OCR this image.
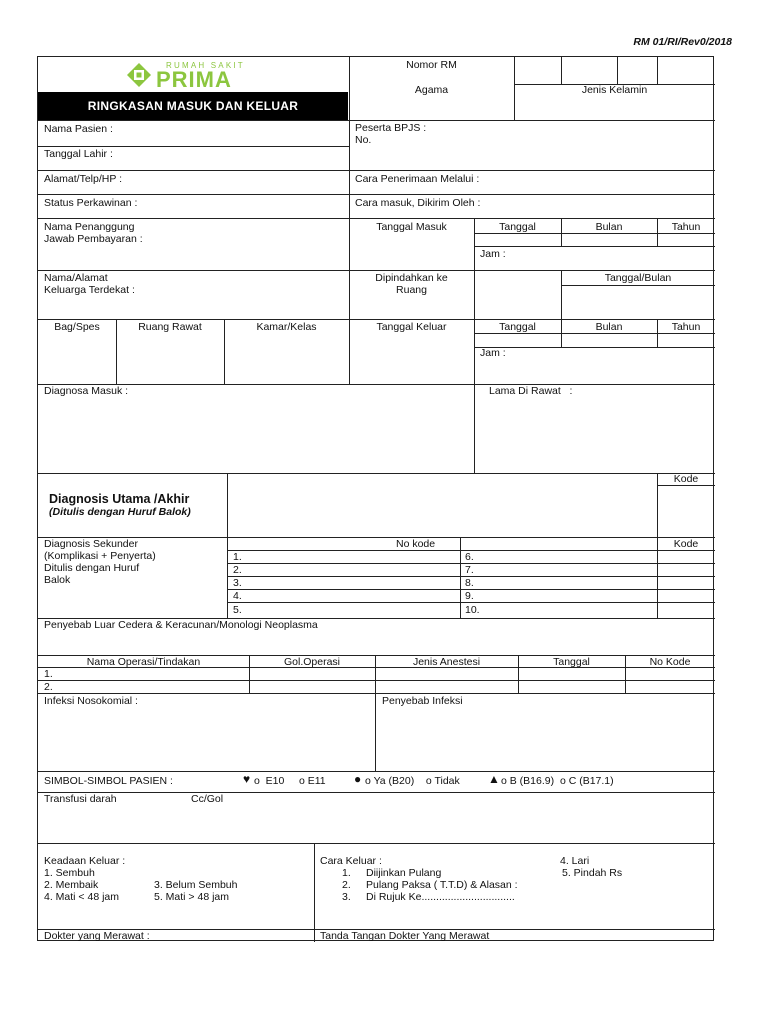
RM 01/RI/Rev0/2018
RUMAH SAKIT
PRIMA
RINGKASAN MASUK DAN KELUAR
Nomor RM
Agama	Jenis Kelamin
Nama Pasien :
Tanggal Lahir :
Alamat/Telp/HP :
Status Perkawinan :
Nama Penanggung
Jawab Pembayaran :
Nama/Alamat
Keluarga Terdekat :
Peserta BPJS :
No.
Cara Penerimaan Melalui :
Cara masuk, Dikirim Oleh :
Tanggal Masuk	Tanggal	Bulan	Tahun
Jam :
Dipindahkan ke
Ruang
Tanggal/Bulan
Bag/Spes	Ruang Rawat	Kamar/Kelas	Tanggal Keluar	Tanggal	Bulan	Tahun
Jam :
Diagnosa Masuk :	Lama Di Rawat   :
Diagnosis Utama /Akhir
(Ditulis dengan Huruf Balok)
Kode
Diagnosis Sekunder
(Komplikasi + Penyerta)
Ditulis dengan Huruf
Balok
No kode	Kode
1.
2.
3.
4.
5.
6.
7.
8.
9.
10.
Penyebab Luar Cedera & Keracunan/Monologi Neoplasma
Nama Operasi/Tindakan	Gol.Operasi	Jenis Anestesi	Tanggal	No Kode
1.
2.
Infeksi Nosokomial :	Penyebab Infeksi
SIMBOL-SIMBOL PASIEN :	♥ o  E10     o E11 ● o Ya (B20)    o Tidak ▲ o B (B16.9)  o C (B17.1)
Transfusi darah	Cc/Gol
Keadaan Keluar :
1. Sembuh
2. Membaik	3. Belum Sembuh
4. Mati < 48 jam	5. Mati > 48 jam
Cara Keluar :	4. Lari
5. Pindah Rs
1. Diijinkan Pulang
2. Pulang Paksa ( T.T.D) & Alasan :
3. Di Rujuk Ke................................
Dokter yang Merawat :	Tanda Tangan Dokter Yang Merawat
